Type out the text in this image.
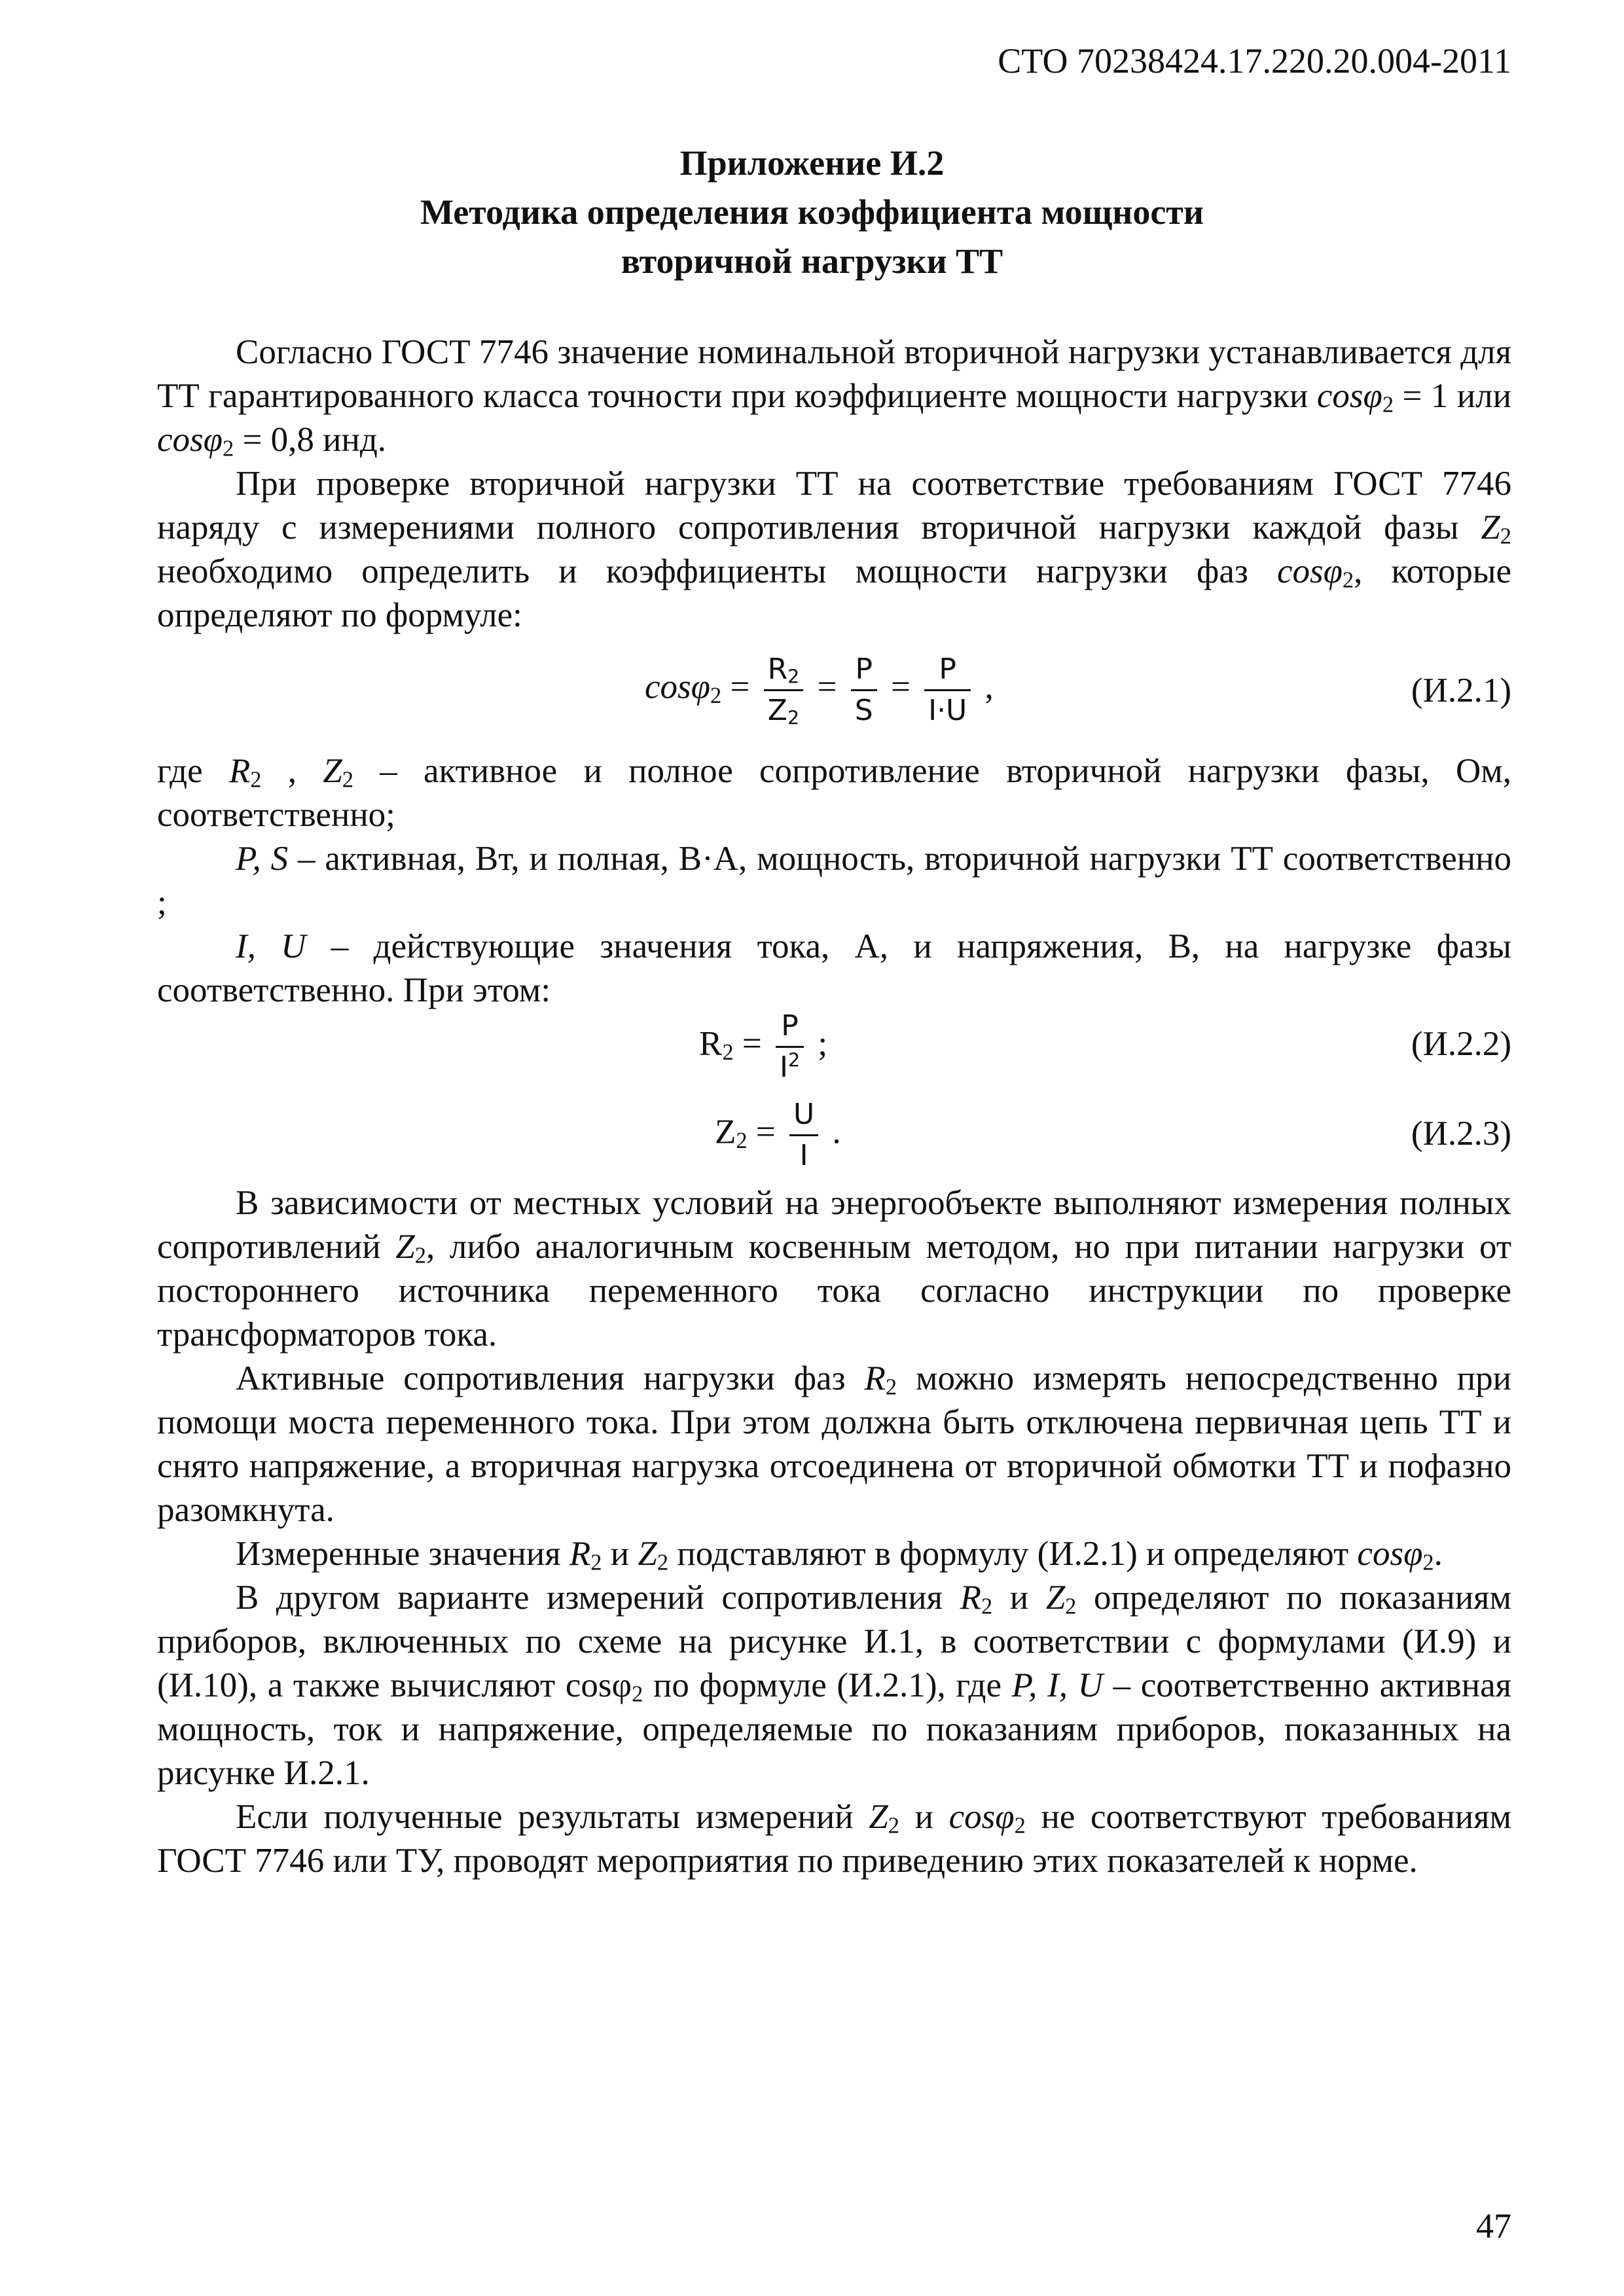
СТО 70238424.17.220.20.004-2011
Приложение И.2
Методика определения коэффициента мощности
вторичной нагрузки ТТ

Согласно ГОСТ 7746 значение номинальной вторичной нагрузки устанавливается для ТТ гарантированного класса точности при коэффициенте мощности нагрузки cosφ$_2$ = 1 или cosφ$_2$ = 0,8 инд.

При проверке вторичной нагрузки ТТ на соответствие требованиям ГОСТ 7746 наряду с измерениями полного сопротивления вторичной нагрузки каждой фазы $Z_2$ необходимо определить и коэффициенты мощности нагрузки фаз cosφ$_2$, которые определяют по формуле:

$\cos\varphi_2 = \frac{R_2}{Z_2} = \frac{P}{S} = \frac{P}{I\cdot U}$ ,	(И.2.1)

где $R_2$ , $Z_2$ – активное и полное сопротивление вторичной нагрузки фазы, Ом, соответственно;

P, S – активная, Вт, и полная, В·А, мощность, вторичной нагрузки ТТ соответственно ;

I, U – действующие значения тока, А, и напряжения, В, на нагрузке фазы соответственно. При этом:

$R_2 = \frac{P}{I^2}$ ;	(И.2.2)
$Z_2 = \frac{U}{I}$ .	(И.2.3)

В зависимости от местных условий на энергообъекте выполняют измерения полных сопротивлений $Z_2$, либо аналогичным косвенным методом, но при питании нагрузки от постороннего источника переменного тока согласно инструкции по проверке трансформаторов тока.

Активные сопротивления нагрузки фаз $R_2$ можно измерять непосредственно при помощи моста переменного тока. При этом должна быть отключена первичная цепь ТТ и снято напряжение, а вторичная нагрузка отсоединена от вторичной обмотки ТТ и пофазно разомкнута.

Измеренные значения $R_2$ и $Z_2$ подставляют в формулу (И.2.1) и определяют cosφ$_2$.

В другом варианте измерений сопротивления $R_2$ и $Z_2$ определяют по показаниям приборов, включенных по схеме на рисунке И.1, в соответствии с формулами (И.9) и (И.10), а также вычисляют cosφ$_2$ по формуле (И.2.1), где P, I, U – соответственно активная мощность, ток и напряжение, определяемые по показаниям приборов, показанных на рисунке И.2.1.

Если полученные результаты измерений $Z_2$ и cosφ$_2$ не соответствуют требованиям ГОСТ 7746 или ТУ, проводят мероприятия по приведению этих показателей к норме.

47
